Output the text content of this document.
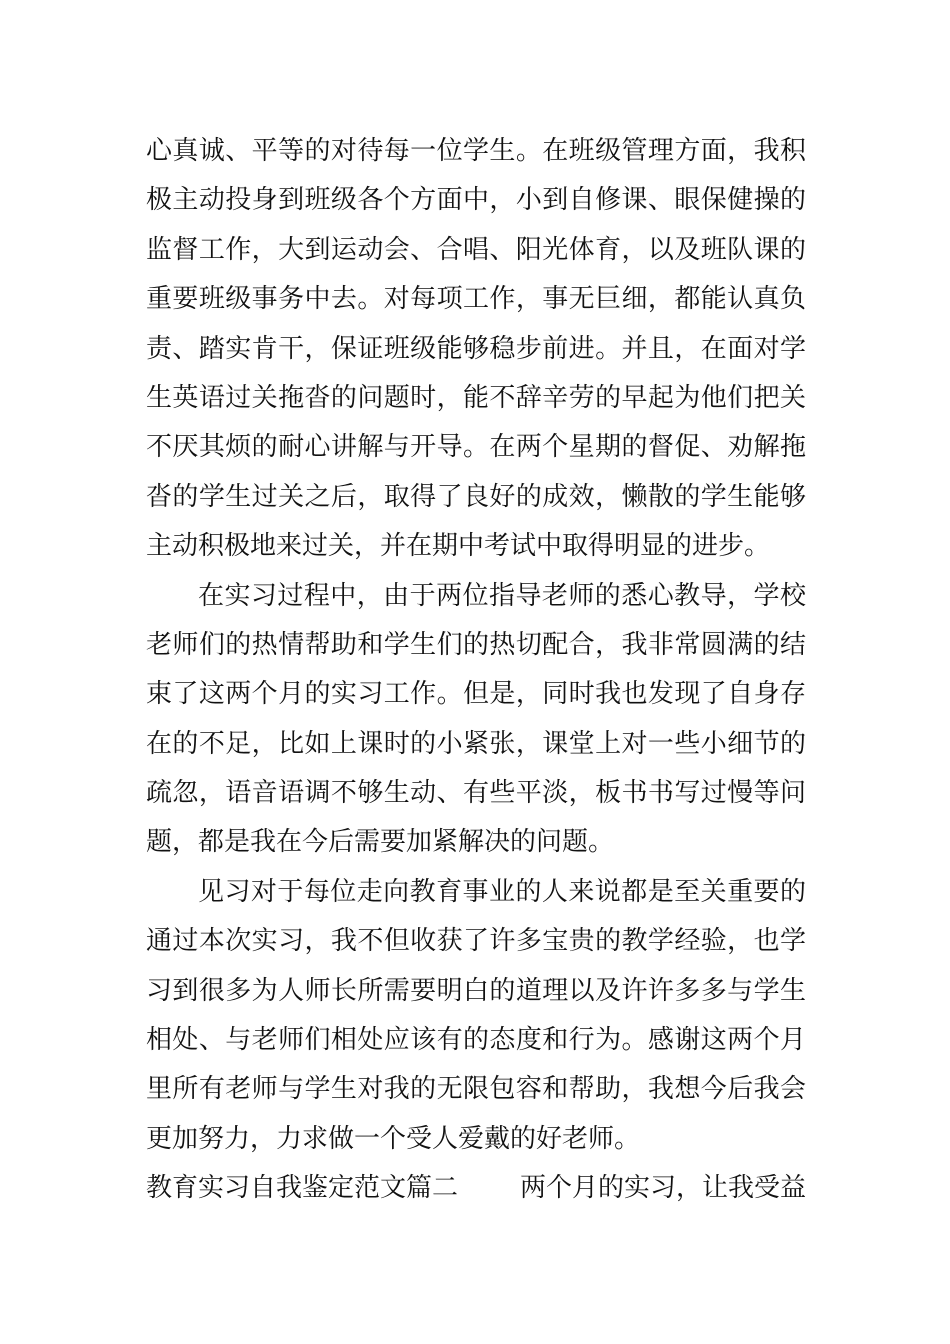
心真诚、平等的对待每一位学生。在班级管理方面，我积
极主动投身到班级各个方面中，小到自修课、眼保健操的
监督工作，大到运动会、合唱、阳光体育，以及班队课的
重要班级事务中去。对每项工作，事无巨细，都能认真负
责、踏实肯干，保证班级能够稳步前进。并且，在面对学
生英语过关拖沓的问题时，能不辞辛劳的早起为他们把关
不厌其烦的耐心讲解与开导。在两个星期的督促、劝解拖
沓的学生过关之后，取得了良好的成效，懒散的学生能够
主动积极地来过关，并在期中考试中取得明显的进步。
在实习过程中，由于两位指导老师的悉心教导，学校
老师们的热情帮助和学生们的热切配合，我非常圆满的结
束了这两个月的实习工作。但是，同时我也发现了自身存
在的不足，比如上课时的小紧张，课堂上对一些小细节的
疏忽，语音语调不够生动、有些平淡，板书书写过慢等问
题，都是我在今后需要加紧解决的问题。
见习对于每位走向教育事业的人来说都是至关重要的
通过本次实习，我不但收获了许多宝贵的教学经验，也学
习到很多为人师长所需要明白的道理以及许许多多与学生
相处、与老师们相处应该有的态度和行为。感谢这两个月
里所有老师与学生对我的无限包容和帮助，我想今后我会
更加努力，力求做一个受人爱戴的好老师。
教育实习自我鉴定范文篇二 两个月的实习，让我受益
